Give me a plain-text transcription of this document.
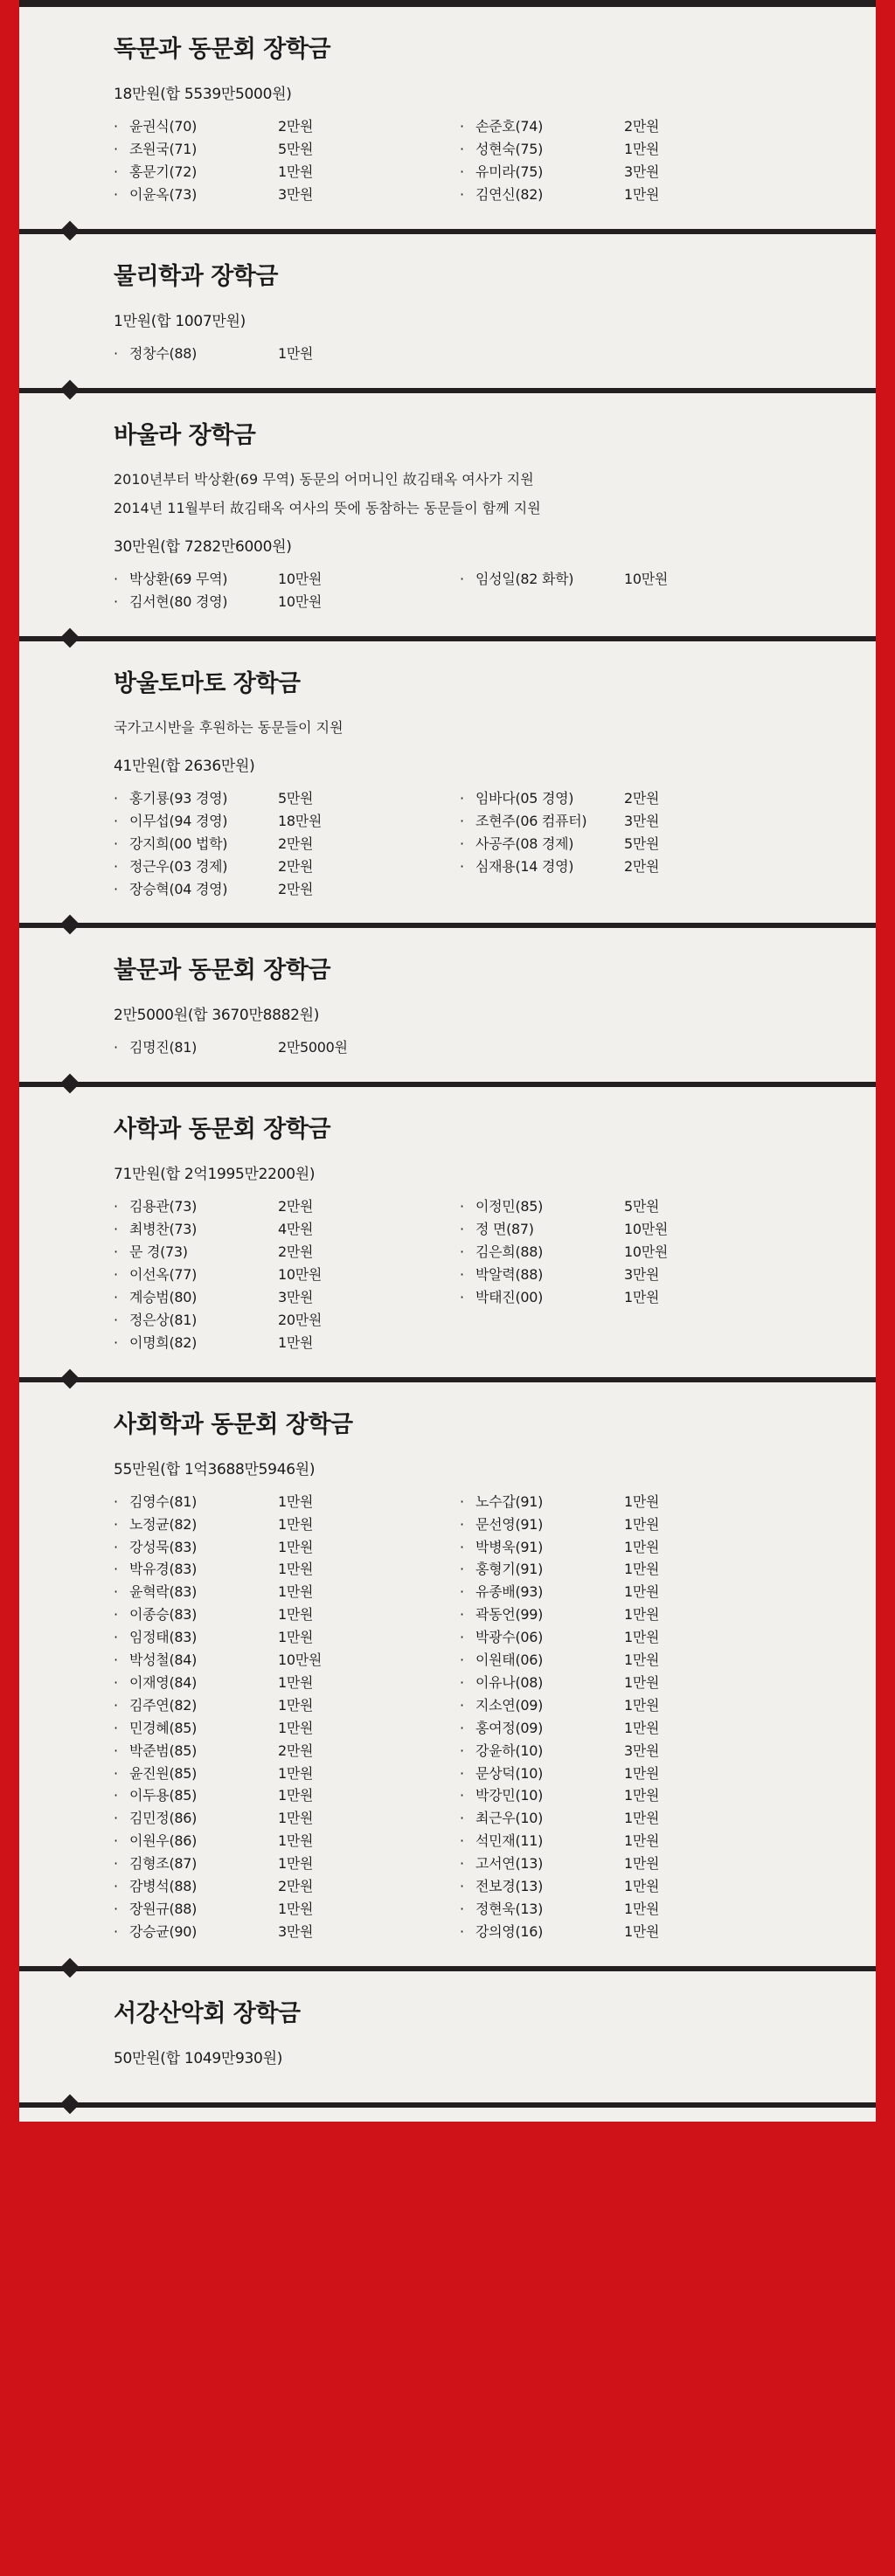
독문과 동문회 장학금
18만원(합 5539만5000원)
· 윤권식(70)	2만원
· 조원국(71)	5만원
· 홍문기(72)	1만원
· 이윤옥(73)	3만원
· 손준호(74)	2만원
· 성현숙(75)	1만원
· 유미라(75)	3만원
· 김연신(82)	1만원
물리학과 장학금
1만원(합 1007만원)
· 정창수(88)	1만원
바울라 장학금
2010년부터 박상환(69 무역) 동문의 어머니인 故김태옥 여사가 지원
2014년 11월부터 故김태옥 여사의 뜻에 동참하는 동문들이 함께 지원
30만원(합 7282만6000원)
· 박상환(69 무역)	10만원
· 김서현(80 경영)	10만원
· 임성일(82 화학)	10만원
방울토마토 장학금
국가고시반을 후원하는 동문들이 지원
41만원(합 2636만원)
· 홍기룡(93 경영)	5만원
· 이무섭(94 경영)	18만원
· 강지희(00 법학)	2만원
· 정근우(03 경제)	2만원
· 장승혁(04 경영)	2만원
· 임바다(05 경영)	2만원
· 조현주(06 컴퓨터)	3만원
· 사공주(08 경제)	5만원
· 심재용(14 경영)	2만원
불문과 동문회 장학금
2만5000원(합 3670만8882원)
· 김명진(81)	2만5000원
사학과 동문회 장학금
71만원(합 2억1995만2200원)
· 김용관(73)	2만원
· 최병찬(73)	4만원
· 문 경(73)	2만원
· 이선옥(77)	10만원
· 계승범(80)	3만원
· 정은상(81)	20만원
· 이명희(82)	1만원
· 이정민(85)	5만원
· 정 면(87)	10만원
· 김은희(88)	10만원
· 박알력(88)	3만원
· 박태진(00)	1만원
사회학과 동문회 장학금
55만원(합 1억3688만5946원)
· 김영수(81)	1만원
· 노정균(82)	1만원
· 강성묵(83)	1만원
· 박유경(83)	1만원
· 윤혁락(83)	1만원
· 이종승(83)	1만원
· 임정태(83)	1만원
· 박성철(84)	10만원
· 이재영(84)	1만원
· 김주연(82)	1만원
· 민경혜(85)	1만원
· 박준범(85)	2만원
· 윤진원(85)	1만원
· 이두용(85)	1만원
· 김민정(86)	1만원
· 이원우(86)	1만원
· 김형조(87)	1만원
· 감병석(88)	2만원
· 장원규(88)	1만원
· 강승균(90)	3만원
· 노수갑(91)	1만원
· 문선영(91)	1만원
· 박병욱(91)	1만원
· 홍형기(91)	1만원
· 유종배(93)	1만원
· 곽동언(99)	1만원
· 박광수(06)	1만원
· 이원태(06)	1만원
· 이유나(08)	1만원
· 지소연(09)	1만원
· 홍여정(09)	1만원
· 강윤하(10)	3만원
· 문상덕(10)	1만원
· 박강민(10)	1만원
· 최근우(10)	1만원
· 석민재(11)	1만원
· 고서연(13)	1만원
· 전보경(13)	1만원
· 정현욱(13)	1만원
· 강의영(16)	1만원
서강산악회 장학금
50만원(합 1049만930원)
